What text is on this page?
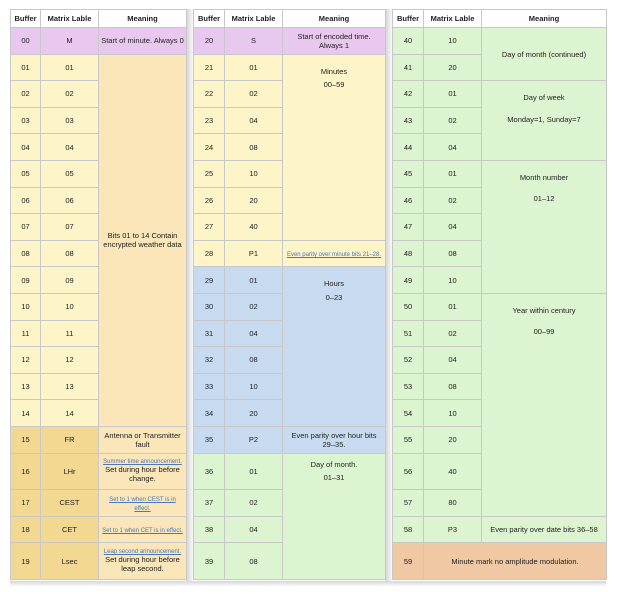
Buffer	Matrix Lable	Meaning
00	M	Start of minute. Always 0
01	01	Bits 01 to 14 Contain encrypted weather data
02	02	
03	03	
04	04	
05	05	
06	06	
07	07	
08	08	
09	09	
10	10	
11	11	
12	12	
13	13	
14	14	
15	FR	Antenna or Transmitter fault
16	LHr	Summer time announcement.
Set during hour before change.

17	CEST	Set to 1 when CEST is in effect.
18	CET	Set to 1 when CET is in effect.
19	Lsec	Leap second announcement.
Set during hour before leap second.
Buffer	Matrix Lable	Meaning
20	S	Start of encoded time. Always 1
21	01	Minutes
00–59

22	02	
23	04	
24	08	
25	10	
26	20	
27	40	
28	P1	Even parity over minute bits 21–28.
29	01	Hours
0–23

30	02	
31	04	
32	08	
33	10	
34	20	
35	P2	Even parity over hour bits 29–35.
36	01	Day of month.
01–31

37	02	
38	04	
39	08	
Buffer	Matrix Lable	Meaning
40	10	Day of month (continued)
41	20	
42	01	Day of week
Monday=1, Sunday=7

43	02	
44	04	
45	01	Month number
01–12

46	02	
47	04	
48	08	
49	10	
50	01	Year within century
00–99

51	02	
52	04	
53	08	
54	10	
55	20	
56	40	
57	80	
58	P3	Even parity over date bits 36–58
59	Minute mark no amplitude modulation.	
